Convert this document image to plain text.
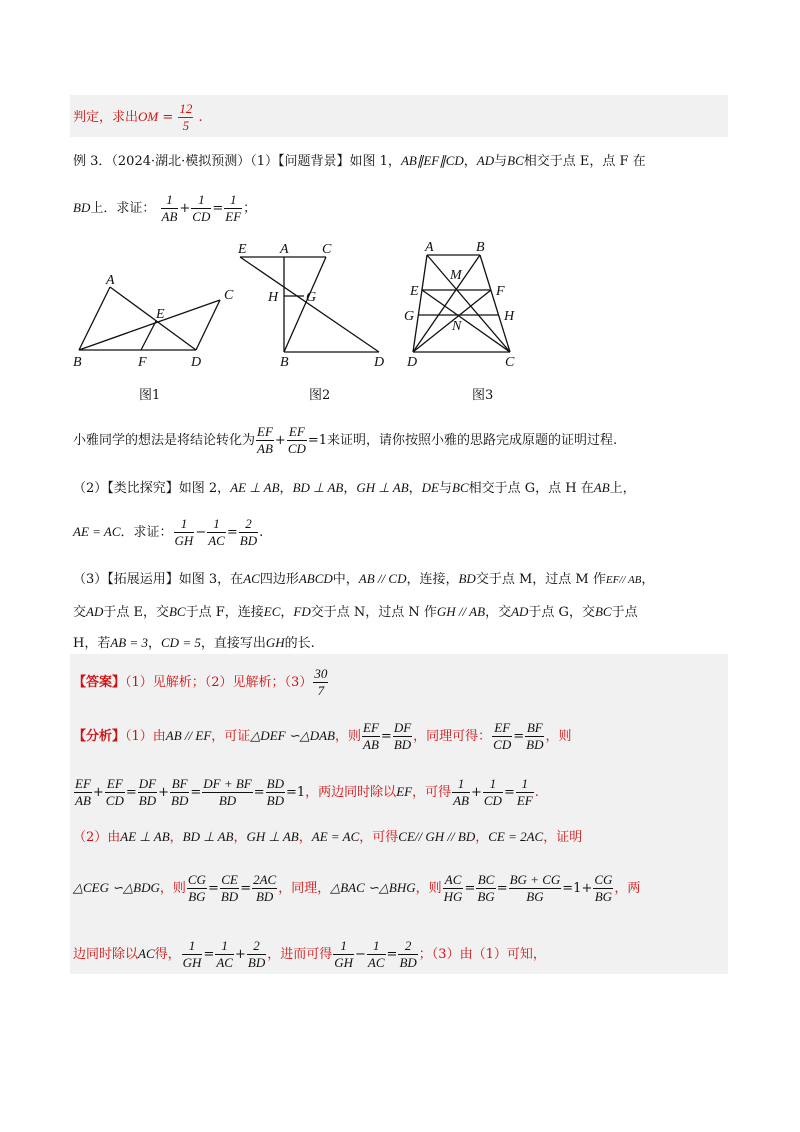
判定，求出OM = $\frac{12}{5}$ .
例 3．（2024·湖北·模拟预测）（1）【问题背景】如图 1，AB∥EF∥CD，AD与BC相交于点 E，点 F 在
BD上．求证： $\frac{1}{AB} + \frac{1}{CD} = \frac{1}{EF}$ ；
A
C
E
B	F	D
图1
E A C
H G
B	D
图2
A	B
M
E	F
G	H
N
D	C
图3
小雅同学的想法是将结论转化为 $\frac{EF}{AB} + \frac{EF}{CD} =1$来证明，请你按照小雅的思路完成原题的证明过程.
（2）【类比探究】如图 2，AE ⊥ AB，BD ⊥ AB，GH ⊥ AB，DE与BC相交于点 G，点 H 在AB上，
AE = AC．求证： $\frac{1}{GH} - \frac{1}{AC} = \frac{2}{BD}$ .
（3）【拓展运用】如图 3，在AC四边形ABCD中，AB // CD，连接，BD交于点 M，过点 M 作EF// AB，
交AD于点 E，交BC于点 F，连接EC，FD交于点 N，过点 N 作GH // AB，交AD于点 G，交BC于点
H，若AB = 3，CD = 5，直接写出GH的长.
【答案】（1）见解析；（2）见解析；$(3) \frac{30}{7}$
【分析】（1）由AB // EF，可证△DEF ∽△DAB，则 $\frac{EF}{AB} = \frac{DF}{BD}$ ，同理可得： $\frac{EF}{CD} = \frac{BF}{BD}$ ，则
$\frac{EF}{AB} + \frac{EF}{CD} = \frac{DF}{BD} + \frac{BF}{BD} = \frac{DF + BF}{BD} = \frac{BD}{BD} =1$，两边同时除以EF，可得 $\frac{1}{AB} + \frac{1}{CD} = \frac{1}{EF}$ .
（2）由AE ⊥ AB，BD ⊥ AB，GH ⊥ AB，AE = AC，可得CE// GH // BD，CE = 2AC，证明
△CEG ∽△BDG，则 $\frac{CG}{BG} = \frac{CE}{BD} = \frac{2AC}{BD}$ ，同理，△BAC ∽△BHG，则 $\frac{AC}{HG} = \frac{BC}{BG} = \frac{BG + CG}{BG} =1+ \frac{CG}{BG}$ ，两
边同时除以AC得， $\frac{1}{GH} = \frac{1}{AC} + \frac{2}{BD}$ ，进而可得 $\frac{1}{GH} - \frac{1}{AC} = \frac{2}{BD}$ ；（3）由（1）可知，
